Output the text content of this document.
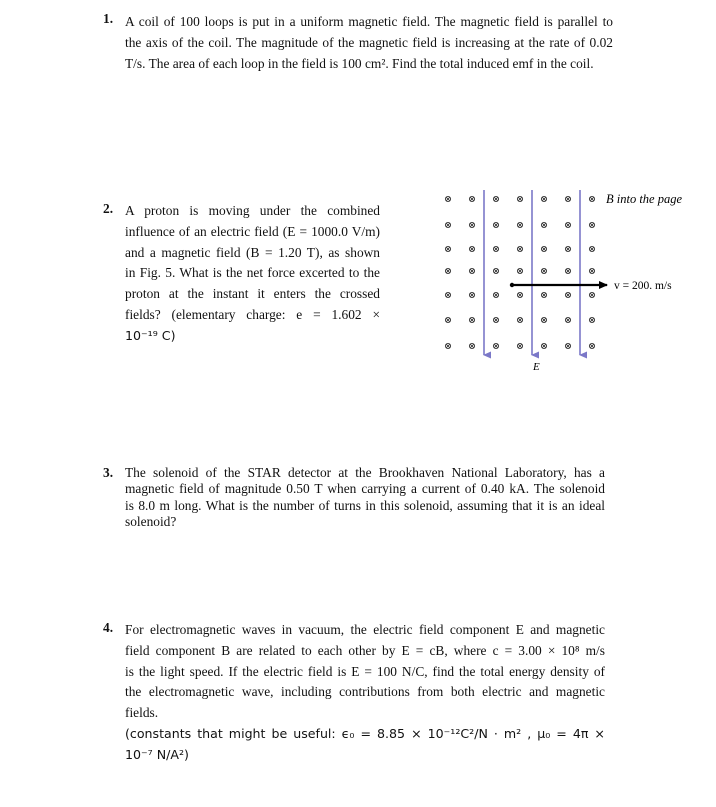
1. A coil of 100 loops is put in a uniform magnetic field. The magnetic field is parallel to

the axis of the coil. The magnitude of the magnetic field is increasing at the rate of 0.02

T/s. The area of each loop in the field is 100 cm². Find the total induced emf in the coil.

2. A proton is moving under the combined

influence of an electric field (E = 1000.0 V/m)

and a magnetic field (B = 1.20 T), as shown

in Fig. 5. What is the net force excerted to the

proton at the instant it enters the crossed

fields? (elementary charge: e = 1.602 ×

10⁻¹⁹ C)

B into the page
v = 200. m/s
E⃗
3. The solenoid of the STAR detector at the Brookhaven National Laboratory, has a

magnetic field of magnitude 0.50 T when carrying a current of 0.40 kA. The solenoid

is 8.0 m long. What is the number of turns in this solenoid, assuming that it is an ideal

solenoid?

4. For electromagnetic waves in vacuum, the electric field component E and magnetic

field component B are related to each other by E = cB, where c = 3.00 × 10⁸ m/s

is the light speed. If the electric field is E = 100 N/C, find the total energy density of

the electromagnetic wave, including contributions from both electric and magnetic

fields.

(constants that might be useful: ϵ₀ = 8.85 × 10⁻¹²C²/N · m² , μ₀ = 4π ×

10⁻⁷ N/A²)
